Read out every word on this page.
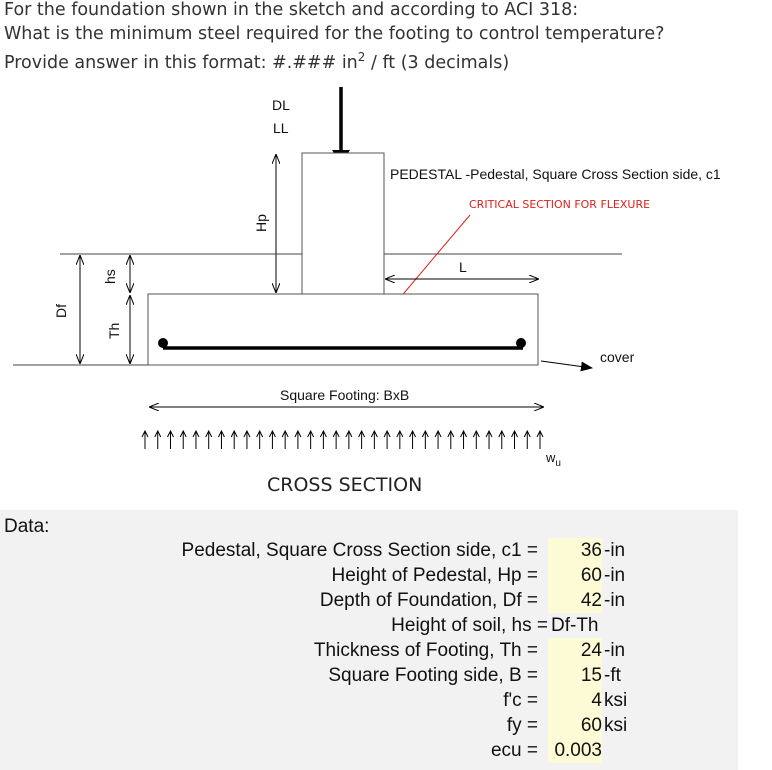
For the foundation shown in the sketch and according to ACI 318:
What is the minimum steel required for the footing to control temperature?
Provide answer in this format: #.### $in^2$ / ft (3 decimals)
DL
LL
PEDESTAL -Pedestal, Square Cross Section side, c1
Hp
CRITICAL SECTION FOR FLEXURE
L
Df
hs
Th
cover
Square Footing: BxB
$w_u$
CROSS SECTION
Data:
Pedestal, Square Cross Section side, c1 =	36 -in
Height of Pedestal, Hp =	60 -in
Depth of Foundation, Df =	42 -in
Height of soil, hs = Df-Th
Thickness of Footing, Th =	24 -in
Square Footing side, B =	15 -ft
f'c =	4 ksi
fy =	60 ksi
ecu = 0.003
